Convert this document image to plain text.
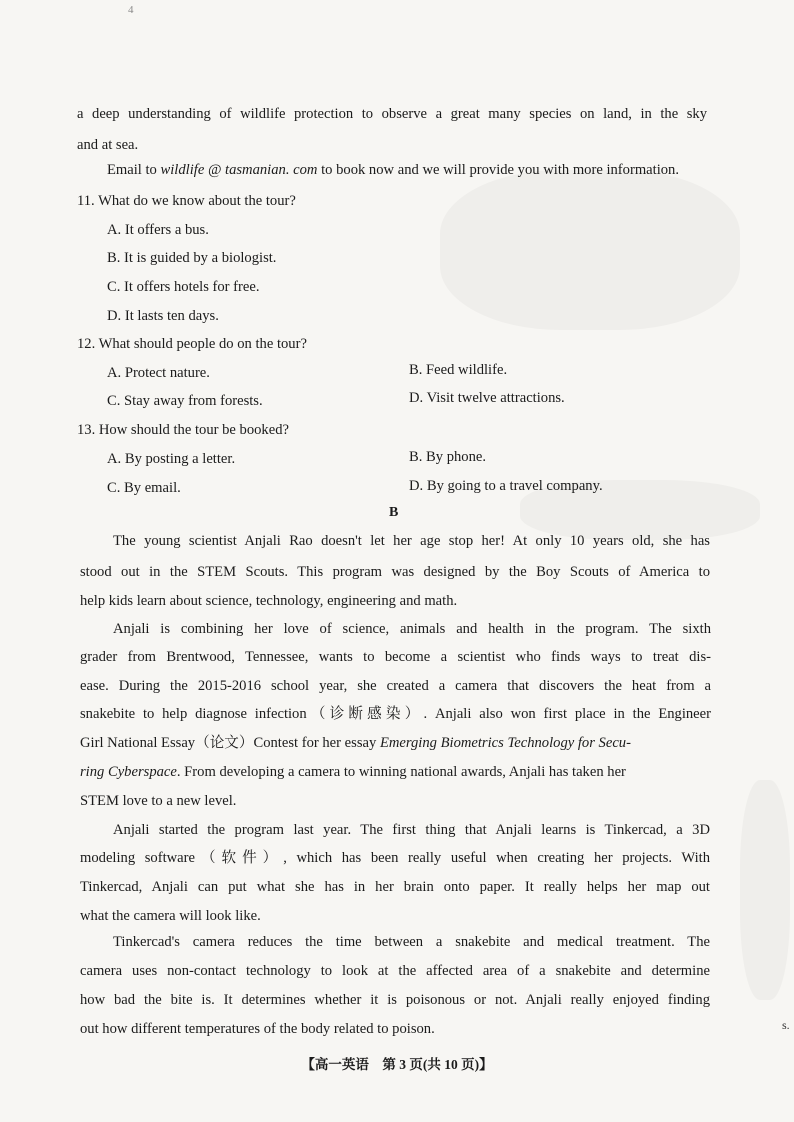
4
a deep understanding of wildlife protection to observe a great many species on land, in the sky
and at sea.
Email to wildlife @ tasmanian. com to book now and we will provide you with more information.
11. What do we know about the tour?
A. It offers a bus.
B. It is guided by a biologist.
C. It offers hotels for free.
D. It lasts ten days.
12. What should people do on the tour?
A. Protect nature.	B. Feed wildlife.
C. Stay away from forests.	D. Visit twelve attractions.
13. How should the tour be booked?
A. By posting a letter.	B. By phone.
C. By email.	D. By going to a travel company.
B
The young scientist Anjali Rao doesn't let her age stop her! At only 10 years old, she has
stood out in the STEM Scouts. This program was designed by the Boy Scouts of America to
help kids learn about science, technology, engineering and math.
Anjali is combining her love of science, animals and health in the program. The sixth
grader from Brentwood, Tennessee, wants to become a scientist who finds ways to treat dis-
ease. During the 2015-2016 school year, she created a camera that discovers the heat from a
snakebite to help diagnose infection（诊断感染）. Anjali also won first place in the Engineer
Girl National Essay（论文）Contest for her essay Emerging Biometrics Technology for Secu-
ring Cyberspace. From developing a camera to winning national awards, Anjali has taken her
STEM love to a new level.
Anjali started the program last year. The first thing that Anjali learns is Tinkercad, a 3D
modeling software（软件）, which has been really useful when creating her projects. With
Tinkercad, Anjali can put what she has in her brain onto paper. It really helps her map out
what the camera will look like.
Tinkercad's camera reduces the time between a snakebite and medical treatment. The
camera uses non-contact technology to look at the affected area of a snakebite and determine
how bad the bite is. It determines whether it is poisonous or not. Anjali really enjoyed finding
out how different temperatures of the body related to poison.	s.
【高一英语　第 3 页(共 10 页)】
